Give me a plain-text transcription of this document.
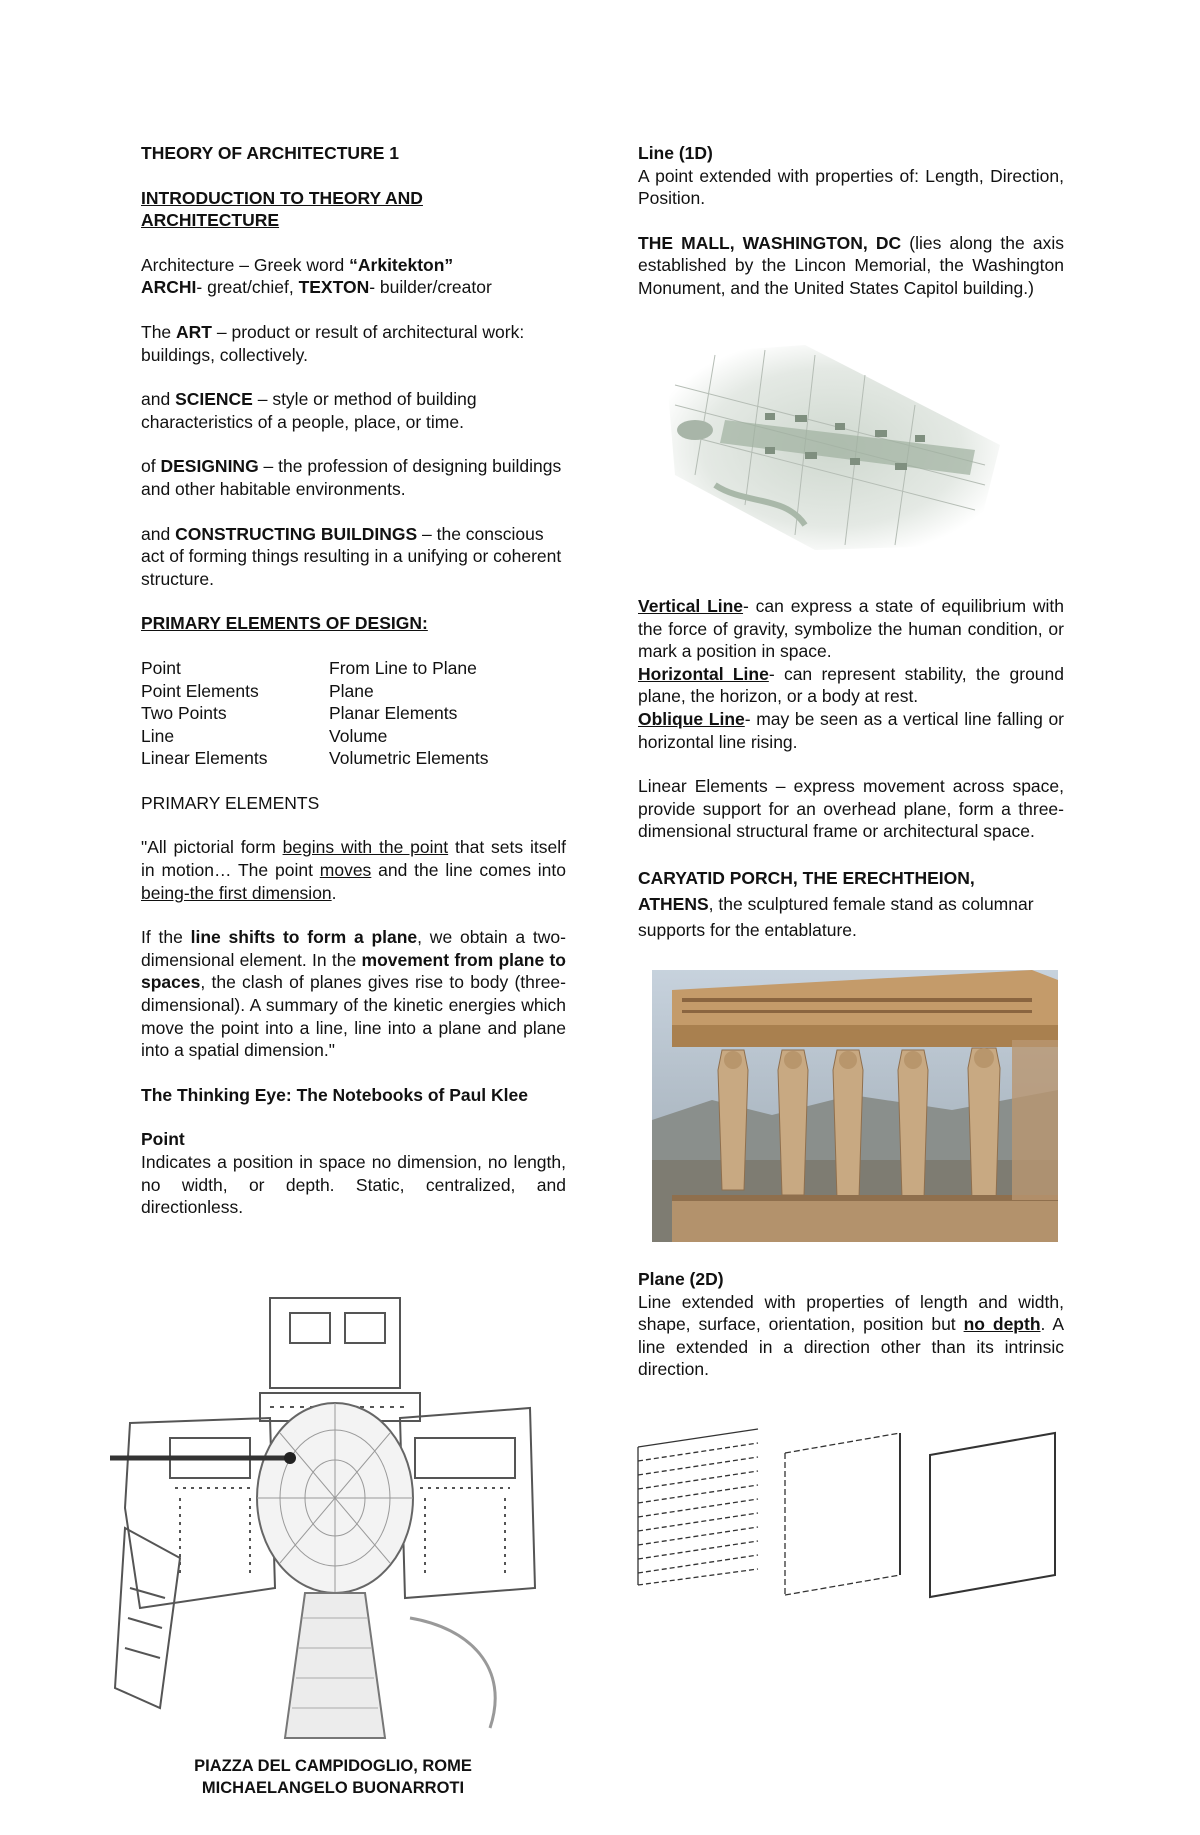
THEORY OF ARCHITECTURE 1

INTRODUCTION TO THEORY AND
ARCHITECTURE

Architecture – Greek word “Arkitekton”
ARCHI- great/chief, TEXTON- builder/creator

The ART – product or result of architectural work: buildings, collectively.

and SCIENCE – style or method of building characteristics of a people, place, or time.

of DESIGNING – the profession of designing buildings and other habitable environments.

and CONSTRUCTING BUILDINGS – the conscious act of forming things resulting in a unifying or coherent structure.

PRIMARY ELEMENTS OF DESIGN:

Point	From Line to Plane
Point Elements	Plane
Two Points	Planar Elements
Line	Volume
Linear Elements	Volumetric Elements

PRIMARY ELEMENTS

"All pictorial form begins with the point that sets itself in motion… The point moves and the line comes into being-the first dimension.

If the line shifts to form a plane, we obtain a two-dimensional element. In the movement from plane to spaces, the clash of planes gives rise to body (three-dimensional). A summary of the kinetic energies which move the point into a line, line into a plane and plane into a spatial dimension."

The Thinking Eye: The Notebooks of Paul Klee

Point

Indicates a position in space no dimension, no length, no width, or depth. Static, centralized, and directionless.

PIAZZA DEL CAMPIDOGLIO, ROME
MICHAELANGELO BUONARROTI

Line (1D)

A point extended with properties of: Length, Direction, Position.

THE MALL, WASHINGTON, DC (lies along the axis established by the Lincon Memorial, the Washington Monument, and the United States Capitol building.)

Vertical Line- can express a state of equilibrium with the force of gravity, symbolize the human condition, or mark a position in space.

Horizontal Line- can represent stability, the ground plane, the horizon, or a body at rest.

Oblique Line- may be seen as a vertical line falling or horizontal line rising.

Linear Elements – express movement across space, provide support for an overhead plane, form a three-dimensional structural frame or architectural space.

CARYATID PORCH, THE ERECHTHEION,
ATHENS, the sculptured female stand as columnar supports for the entablature.

Plane (2D)

Line extended with properties of length and width, shape, surface, orientation, position but no depth. A line extended in a direction other than its intrinsic direction.
